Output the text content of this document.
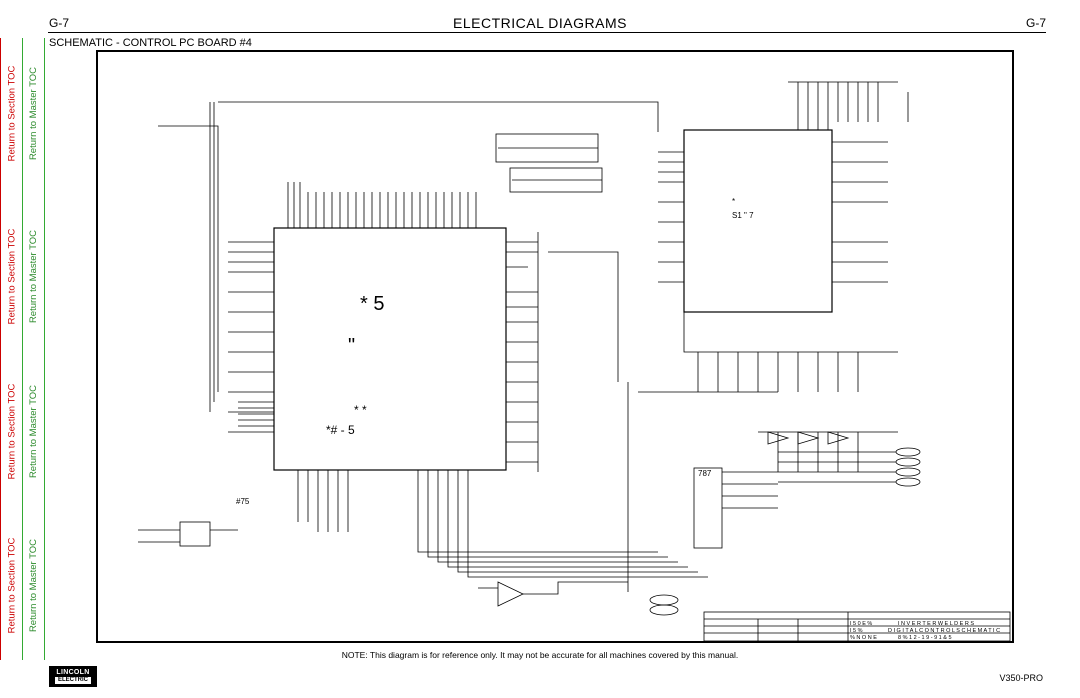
Return to Section TOC
Return to Section TOC
Return to Section TOC
Return to Section TOC
Return to Master TOC
Return to Master TOC
Return to Master TOC
Return to Master TOC
G-7	ELECTRICAL DIAGRAMS	G-7
SCHEMATIC - CONTROL PC BOARD #4
* 5
"
* *
*# - 5
*
S1 " 7
#75
787
I 5 0 E %	I N V E R T E R W E L D E R S
I 5 %	D I G I T A L C O N T R O L S C H E M A T I C
% N O N E	8 % 1 2 - 1 9 - 9 1 & 5
NOTE: This diagram is for reference only. It may not be accurate for all machines covered by this manual.
LINCOLN
ELECTRIC	V350-PRO
